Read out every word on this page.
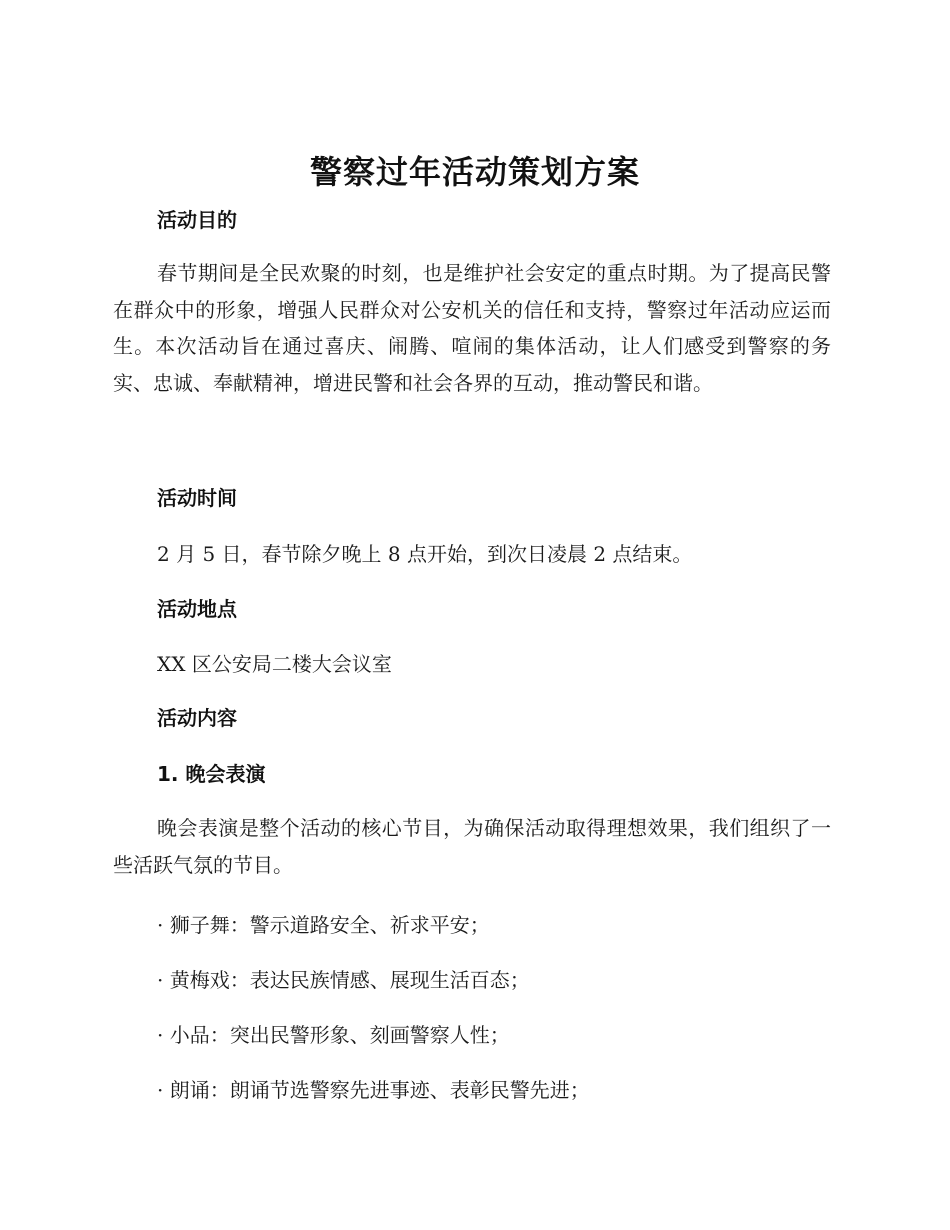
警察过年活动策划方案
活动目的
春节期间是全民欢聚的时刻，也是维护社会安定的重点时期。为了提高民警在群众中的形象，增强人民群众对公安机关的信任和支持，警察过年活动应运而生。本次活动旨在通过喜庆、闹腾、喧闹的集体活动，让人们感受到警察的务实、忠诚、奉献精神，增进民警和社会各界的互动，推动警民和谐。
活动时间
2 月 5 日，春节除夕晚上 8 点开始，到次日凌晨 2 点结束。
活动地点
XX 区公安局二楼大会议室
活动内容
1. 晚会表演
晚会表演是整个活动的核心节目，为确保活动取得理想效果，我们组织了一些活跃气氛的节目。
· 狮子舞：警示道路安全、祈求平安；
· 黄梅戏：表达民族情感、展现生活百态；
· 小品：突出民警形象、刻画警察人性；
· 朗诵：朗诵节选警察先进事迹、表彰民警先进；
